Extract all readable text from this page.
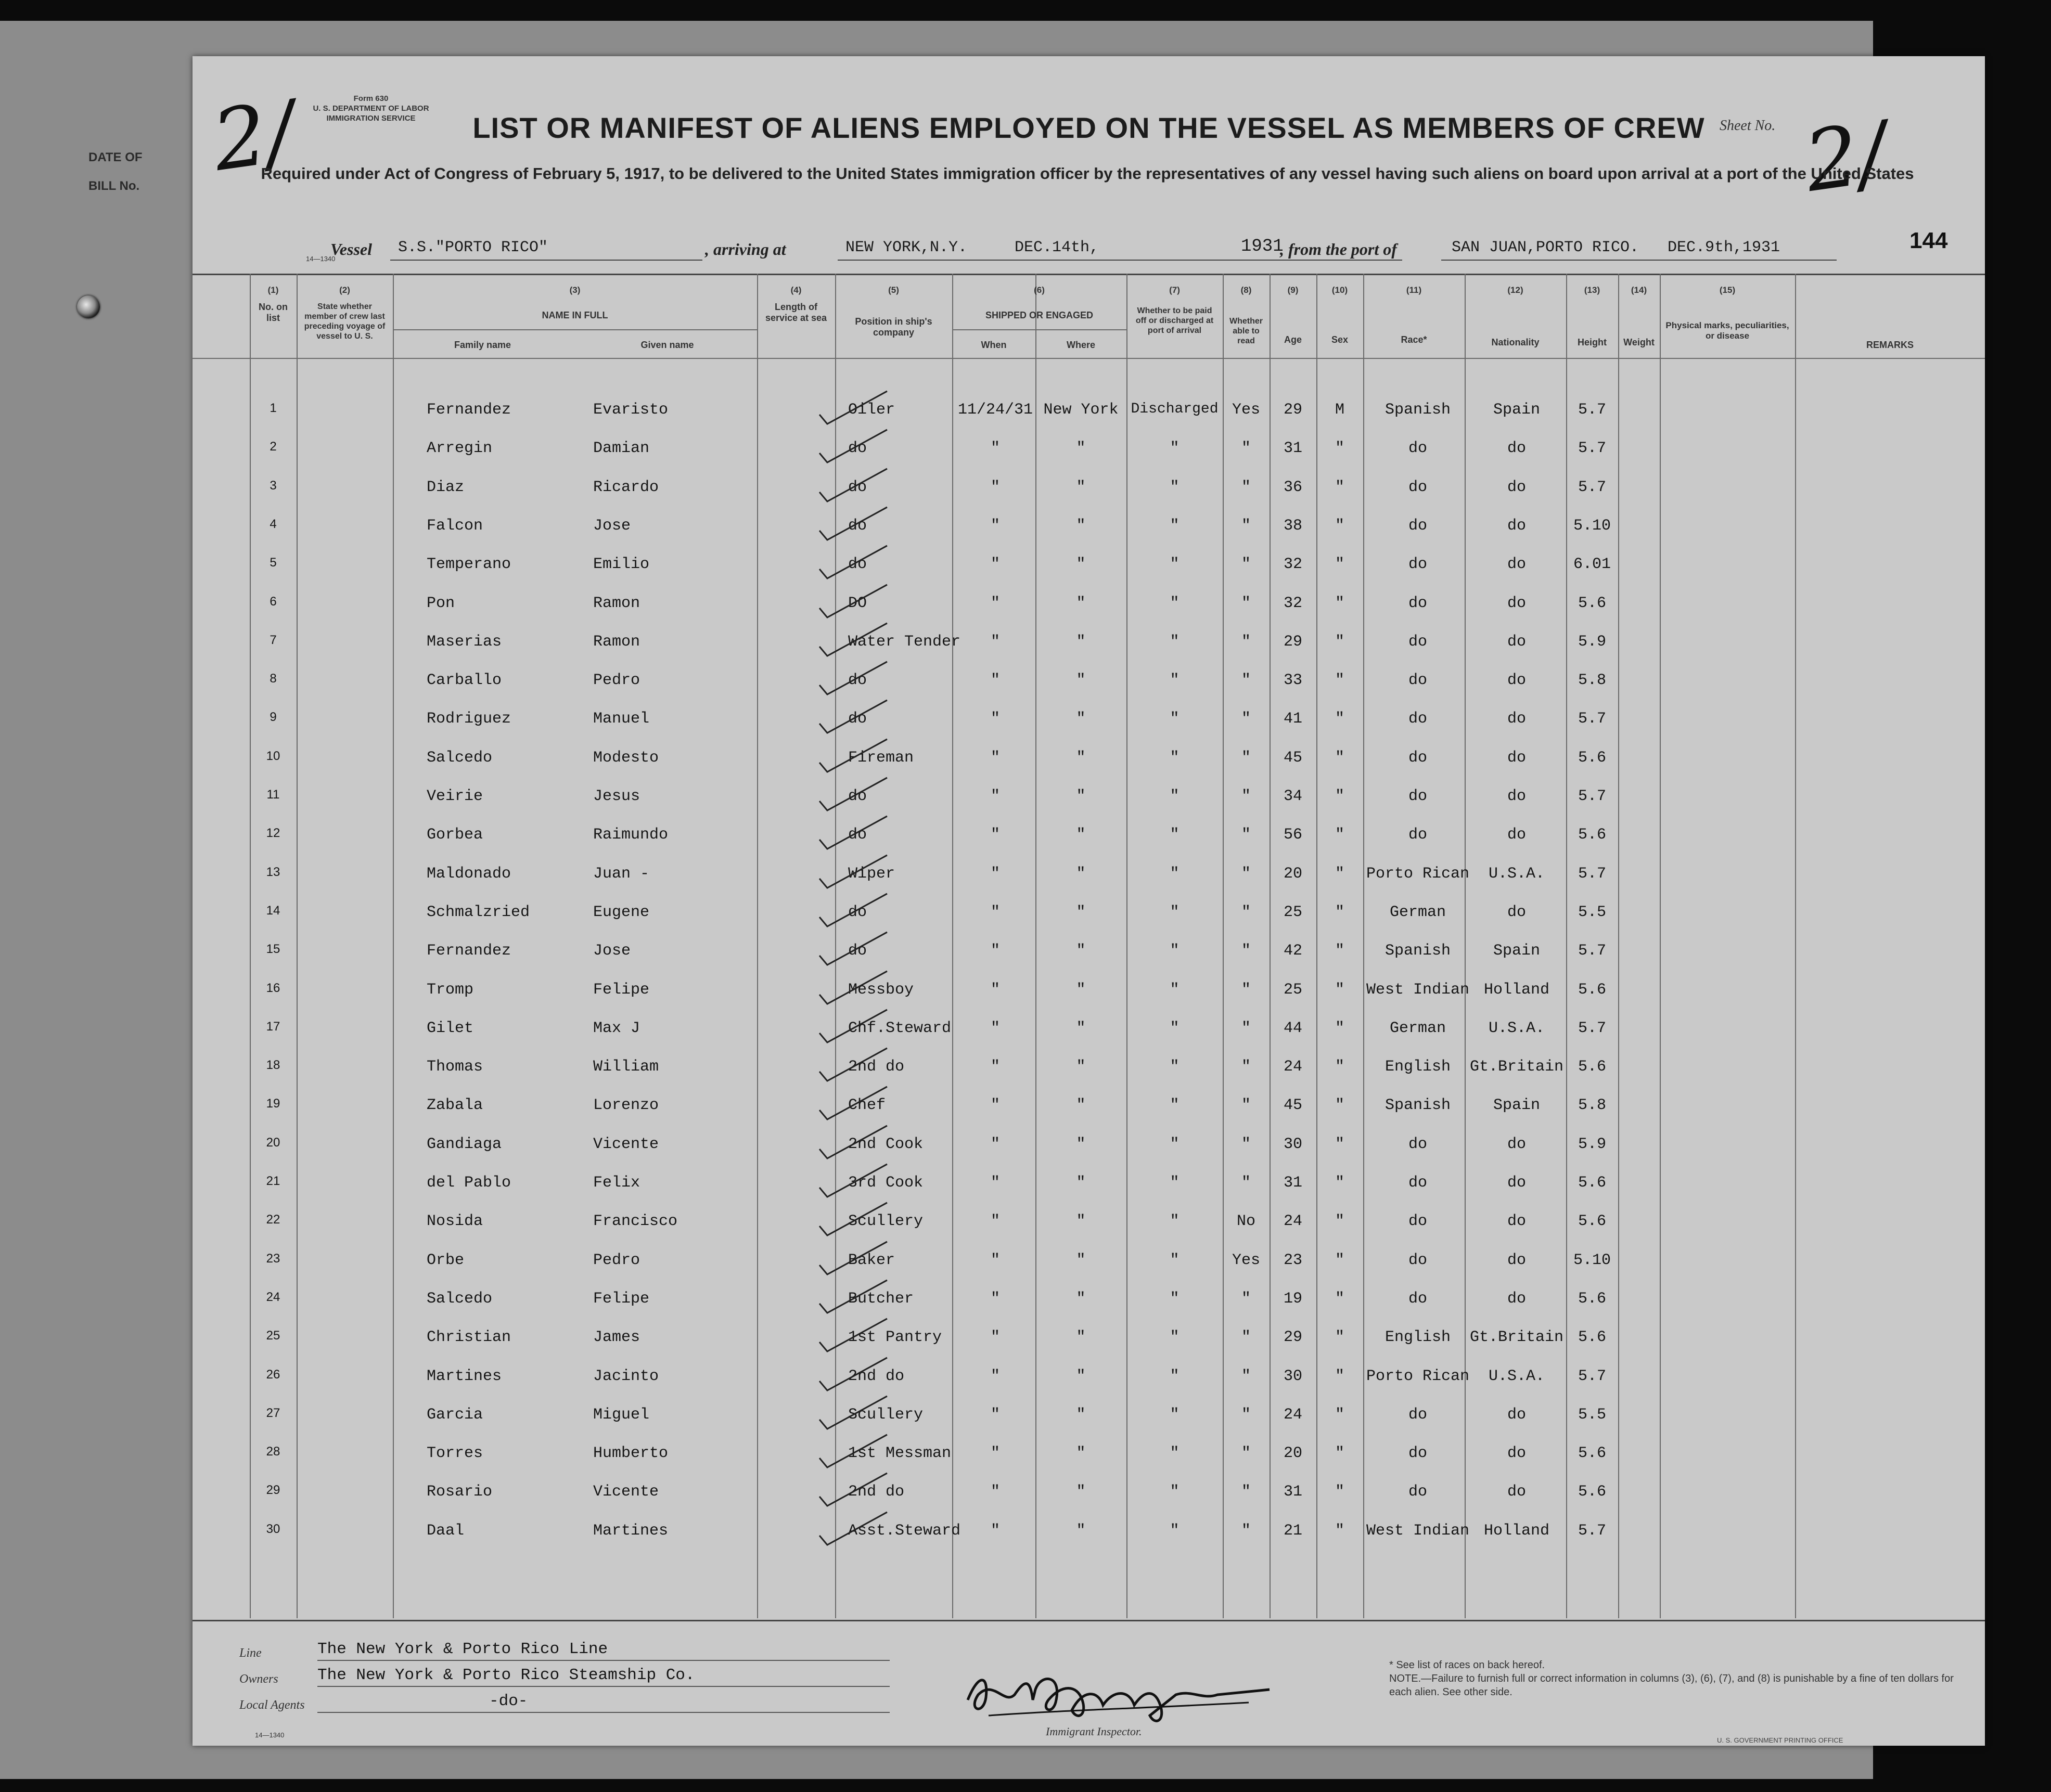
DATE OF
BILL No.
Form 630
U. S. DEPARTMENT OF LABOR
IMMIGRATION SERVICE
14—1340
2/	2/
LIST OR MANIFEST OF ALIENS EMPLOYED ON THE VESSEL AS MEMBERS OF CREW	Sheet No.
Required under Act of Congress of February 5, 1917, to be delivered to the United States immigration officer by the representatives of any vessel having such aliens on board upon arrival at a port of the United States
Vessel S.S."PORTO RICO"	, arriving at	NEW YORK,N.Y.	DEC.14th,	1931
, from the port of	SAN JUAN,PORTO RICO. DEC.9th,1931	144
(1)
No. on list
(2)
State whether member of crew last preceding voyage of vessel to U. S.
(3)
NAME IN FULL
Family name	Given name
(4)
Length of service at sea
(5)
Position in ship's company
(6)
SHIPPED OR ENGAGED
When	Where
(7)
Whether to be paid off or discharged at port of arrival
(8)
Whether able to read
(9)
Age
(10)
Sex
(11)
Race*
(12)
Nationality
(13)
Height
(14)
Weight
(15)
Physical marks, peculiarities, or disease
REMARKS
1	Fernandez	Evaristo	Oiler	11/24/31 New York Discharged Yes	29	M	Spanish	Spain	5.7
2	Arregin	Damian	do	"	"	"	"	31	"	do	do	5.7
3	Diaz	Ricardo	do	"	"	"	"	36	"	do	do	5.7
4	Falcon	Jose	do	"	"	"	"	38	"	do	do	5.10
5	Temperano	Emilio	do	"	"	"	"	32	"	do	do	6.01
6	Pon	Ramon	DO	"	"	"	"	32	"	do	do	5.6
7	Maserias	Ramon	Water Tender	"	"	"	"	29	"	do	do	5.9
8	Carballo	Pedro	do	"	"	"	"	33	"	do	do	5.8
9	Rodriguez	Manuel	do	"	"	"	"	41	"	do	do	5.7
10	Salcedo	Modesto	Fireman	"	"	"	"	45	"	do	do	5.6
11	Veirie	Jesus	do	"	"	"	"	34	"	do	do	5.7
12	Gorbea	Raimundo	do	"	"	"	"	56	"	do	do	5.6
13	Maldonado	Juan -	Wiper	"	"	"	"	20	"	Porto Rican	U.S.A.	5.7
14	Schmalzried	Eugene	do	"	"	"	"	25	"	German	do	5.5
15	Fernandez	Jose	do	"	"	"	"	42	"	Spanish	Spain	5.7
16	Tromp	Felipe	Messboy	"	"	"	"	25	"	West Indian Holland	5.6
17	Gilet	Max J	Chf.Steward	"	"	"	"	44	"	German	U.S.A.	5.7
18	Thomas	William	2nd do	"	"	"	"	24	"	English	Gt.Britain 5.6
19	Zabala	Lorenzo	Chef	"	"	"	"	45	"	Spanish	Spain	5.8
20	Gandiaga	Vicente	2nd Cook	"	"	"	"	30	"	do	do	5.9
21	del Pablo	Felix	3rd Cook	"	"	"	"	31	"	do	do	5.6
22	Nosida	Francisco	Scullery	"	"	"	No	24	"	do	do	5.6
23	Orbe	Pedro	Baker	"	"	"	Yes	23	"	do	do	5.10
24	Salcedo	Felipe	Butcher	"	"	"	"	19	"	do	do	5.6
25	Christian	James	1st Pantry	"	"	"	"	29	"	English	Gt.Britain 5.6
26	Martines	Jacinto	2nd do	"	"	"	"	30	"	Porto Rican	U.S.A.	5.7
27	Garcia	Miguel	Scullery	"	"	"	"	24	"	do	do	5.5
28	Torres	Humberto	1st Messman	"	"	"	"	20	"	do	do	5.6
29	Rosario	Vicente	2nd do	"	"	"	"	31	"	do	do	5.6
30	Daal	Martines	Asst.Steward	"	"	"	"	21	"	West Indian Holland	5.7
Line	The New York & Porto Rico Line
Owners The New York & Porto Rico Steamship Co.
Local Agents	-do-
14—1340	Immigrant Inspector.
* See list of races on back hereof.
NOTE.—Failure to furnish full or correct information in columns (3), (6), (7), and (8) is punishable by a fine of ten dollars for each alien. See other side.
U. S. GOVERNMENT PRINTING OFFICE
